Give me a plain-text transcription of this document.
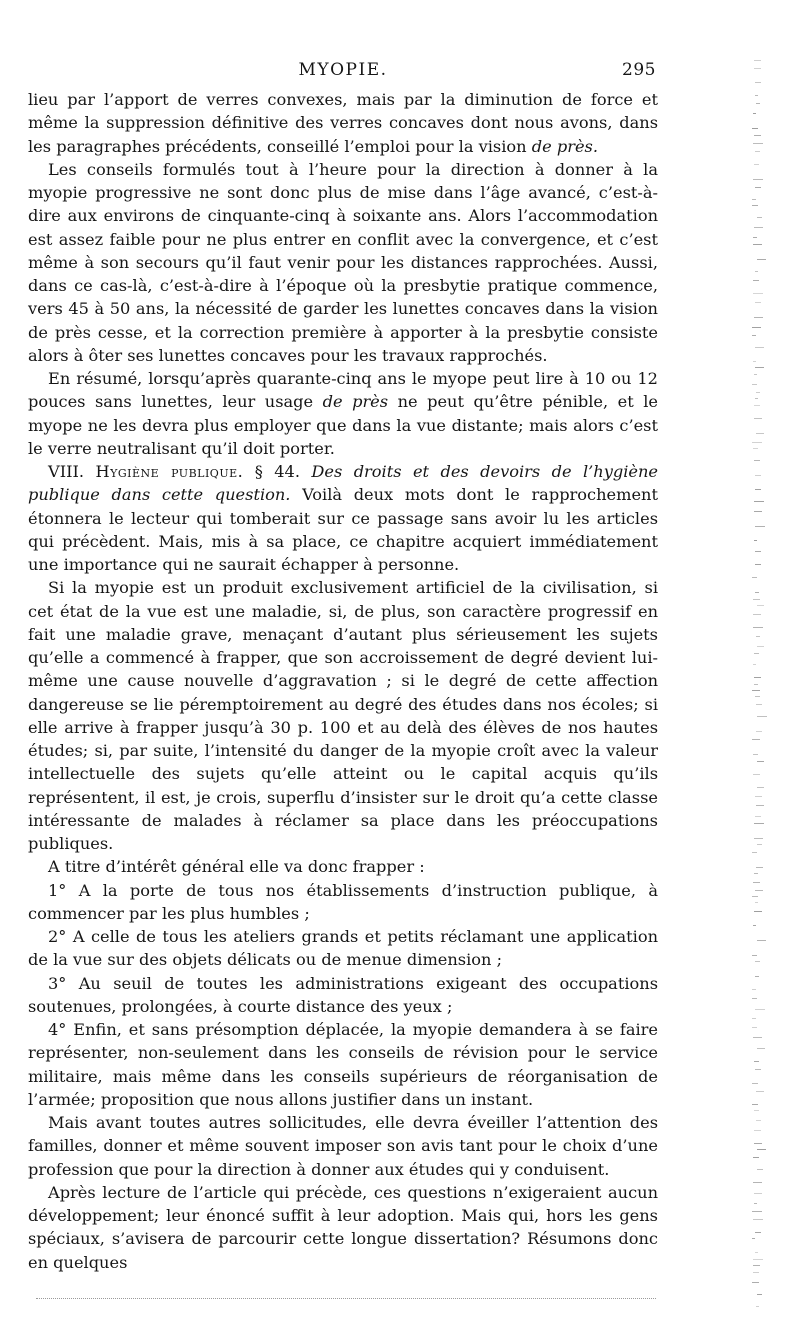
MYOPIE.	295

lieu par l’apport de verres convexes, mais par la diminution de force et même la suppression définitive des verres concaves dont nous avons, dans les paragraphes précédents, conseillé l’emploi pour la vision de près.

Les conseils formulés tout à l’heure pour la direction à donner à la myopie progressive ne sont donc plus de mise dans l’âge avancé, c’est-à-dire aux environs de cinquante-cinq à soixante ans. Alors l’accommodation est assez faible pour ne plus entrer en conflit avec la convergence, et c’est même à son secours qu’il faut venir pour les distances rapprochées. Aussi, dans ce cas-là, c’est-à-dire à l’époque où la presbytie pratique commence, vers 45 à 50 ans, la nécessité de garder les lunettes concaves dans la vision de près cesse, et la correction première à apporter à la presbytie consiste alors à ôter ses lunettes concaves pour les travaux rapprochés.

En résumé, lorsqu’après quarante-cinq ans le myope peut lire à 10 ou 12 pouces sans lunettes, leur usage de près ne peut qu’être pénible, et le myope ne les devra plus employer que dans la vue distante; mais alors c’est le verre neutralisant qu’il doit porter.

VIII. Hygiène publique. § 44. Des droits et des devoirs de l’hygiène publique dans cette question. Voilà deux mots dont le rapprochement étonnera le lecteur qui tomberait sur ce passage sans avoir lu les articles qui précèdent. Mais, mis à sa place, ce chapitre acquiert immédiatement une importance qui ne saurait échapper à personne.

Si la myopie est un produit exclusivement artificiel de la civilisation, si cet état de la vue est une maladie, si, de plus, son caractère progressif en fait une maladie grave, menaçant d’autant plus sérieusement les sujets qu’elle a commencé à frapper, que son accroissement de degré devient lui-même une cause nouvelle d’aggravation ; si le degré de cette affection dangereuse se lie péremptoirement au degré des études dans nos écoles; si elle arrive à frapper jusqu’à 30 p. 100 et au delà des élèves de nos hautes études; si, par suite, l’intensité du danger de la myopie croît avec la valeur intellectuelle des sujets qu’elle atteint ou le capital acquis qu’ils représentent, il est, je crois, superflu d’insister sur le droit qu’a cette classe intéressante de malades à réclamer sa place dans les préoccupations publiques.

A titre d’intérêt général elle va donc frapper :

1° A la porte de tous nos établissements d’instruction publique, à commencer par les plus humbles ;

2° A celle de tous les ateliers grands et petits réclamant une application de la vue sur des objets délicats ou de menue dimension ;

3° Au seuil de toutes les administrations exigeant des occupations soutenues, prolongées, à courte distance des yeux ;

4° Enfin, et sans présomption déplacée, la myopie demandera à se faire représenter, non-seulement dans les conseils de révision pour le service militaire, mais même dans les conseils supérieurs de réorganisation de l’armée; proposition que nous allons justifier dans un instant.

Mais avant toutes autres sollicitudes, elle devra éveiller l’attention des familles, donner et même souvent imposer son avis tant pour le choix d’une profession que pour la direction à donner aux études qui y conduisent.

Après lecture de l’article qui précède, ces questions n’exigeraient aucun développement; leur énoncé suffit à leur adoption. Mais qui, hors les gens spéciaux, s’avisera de parcourir cette longue dissertation? Résumons donc en quelques
